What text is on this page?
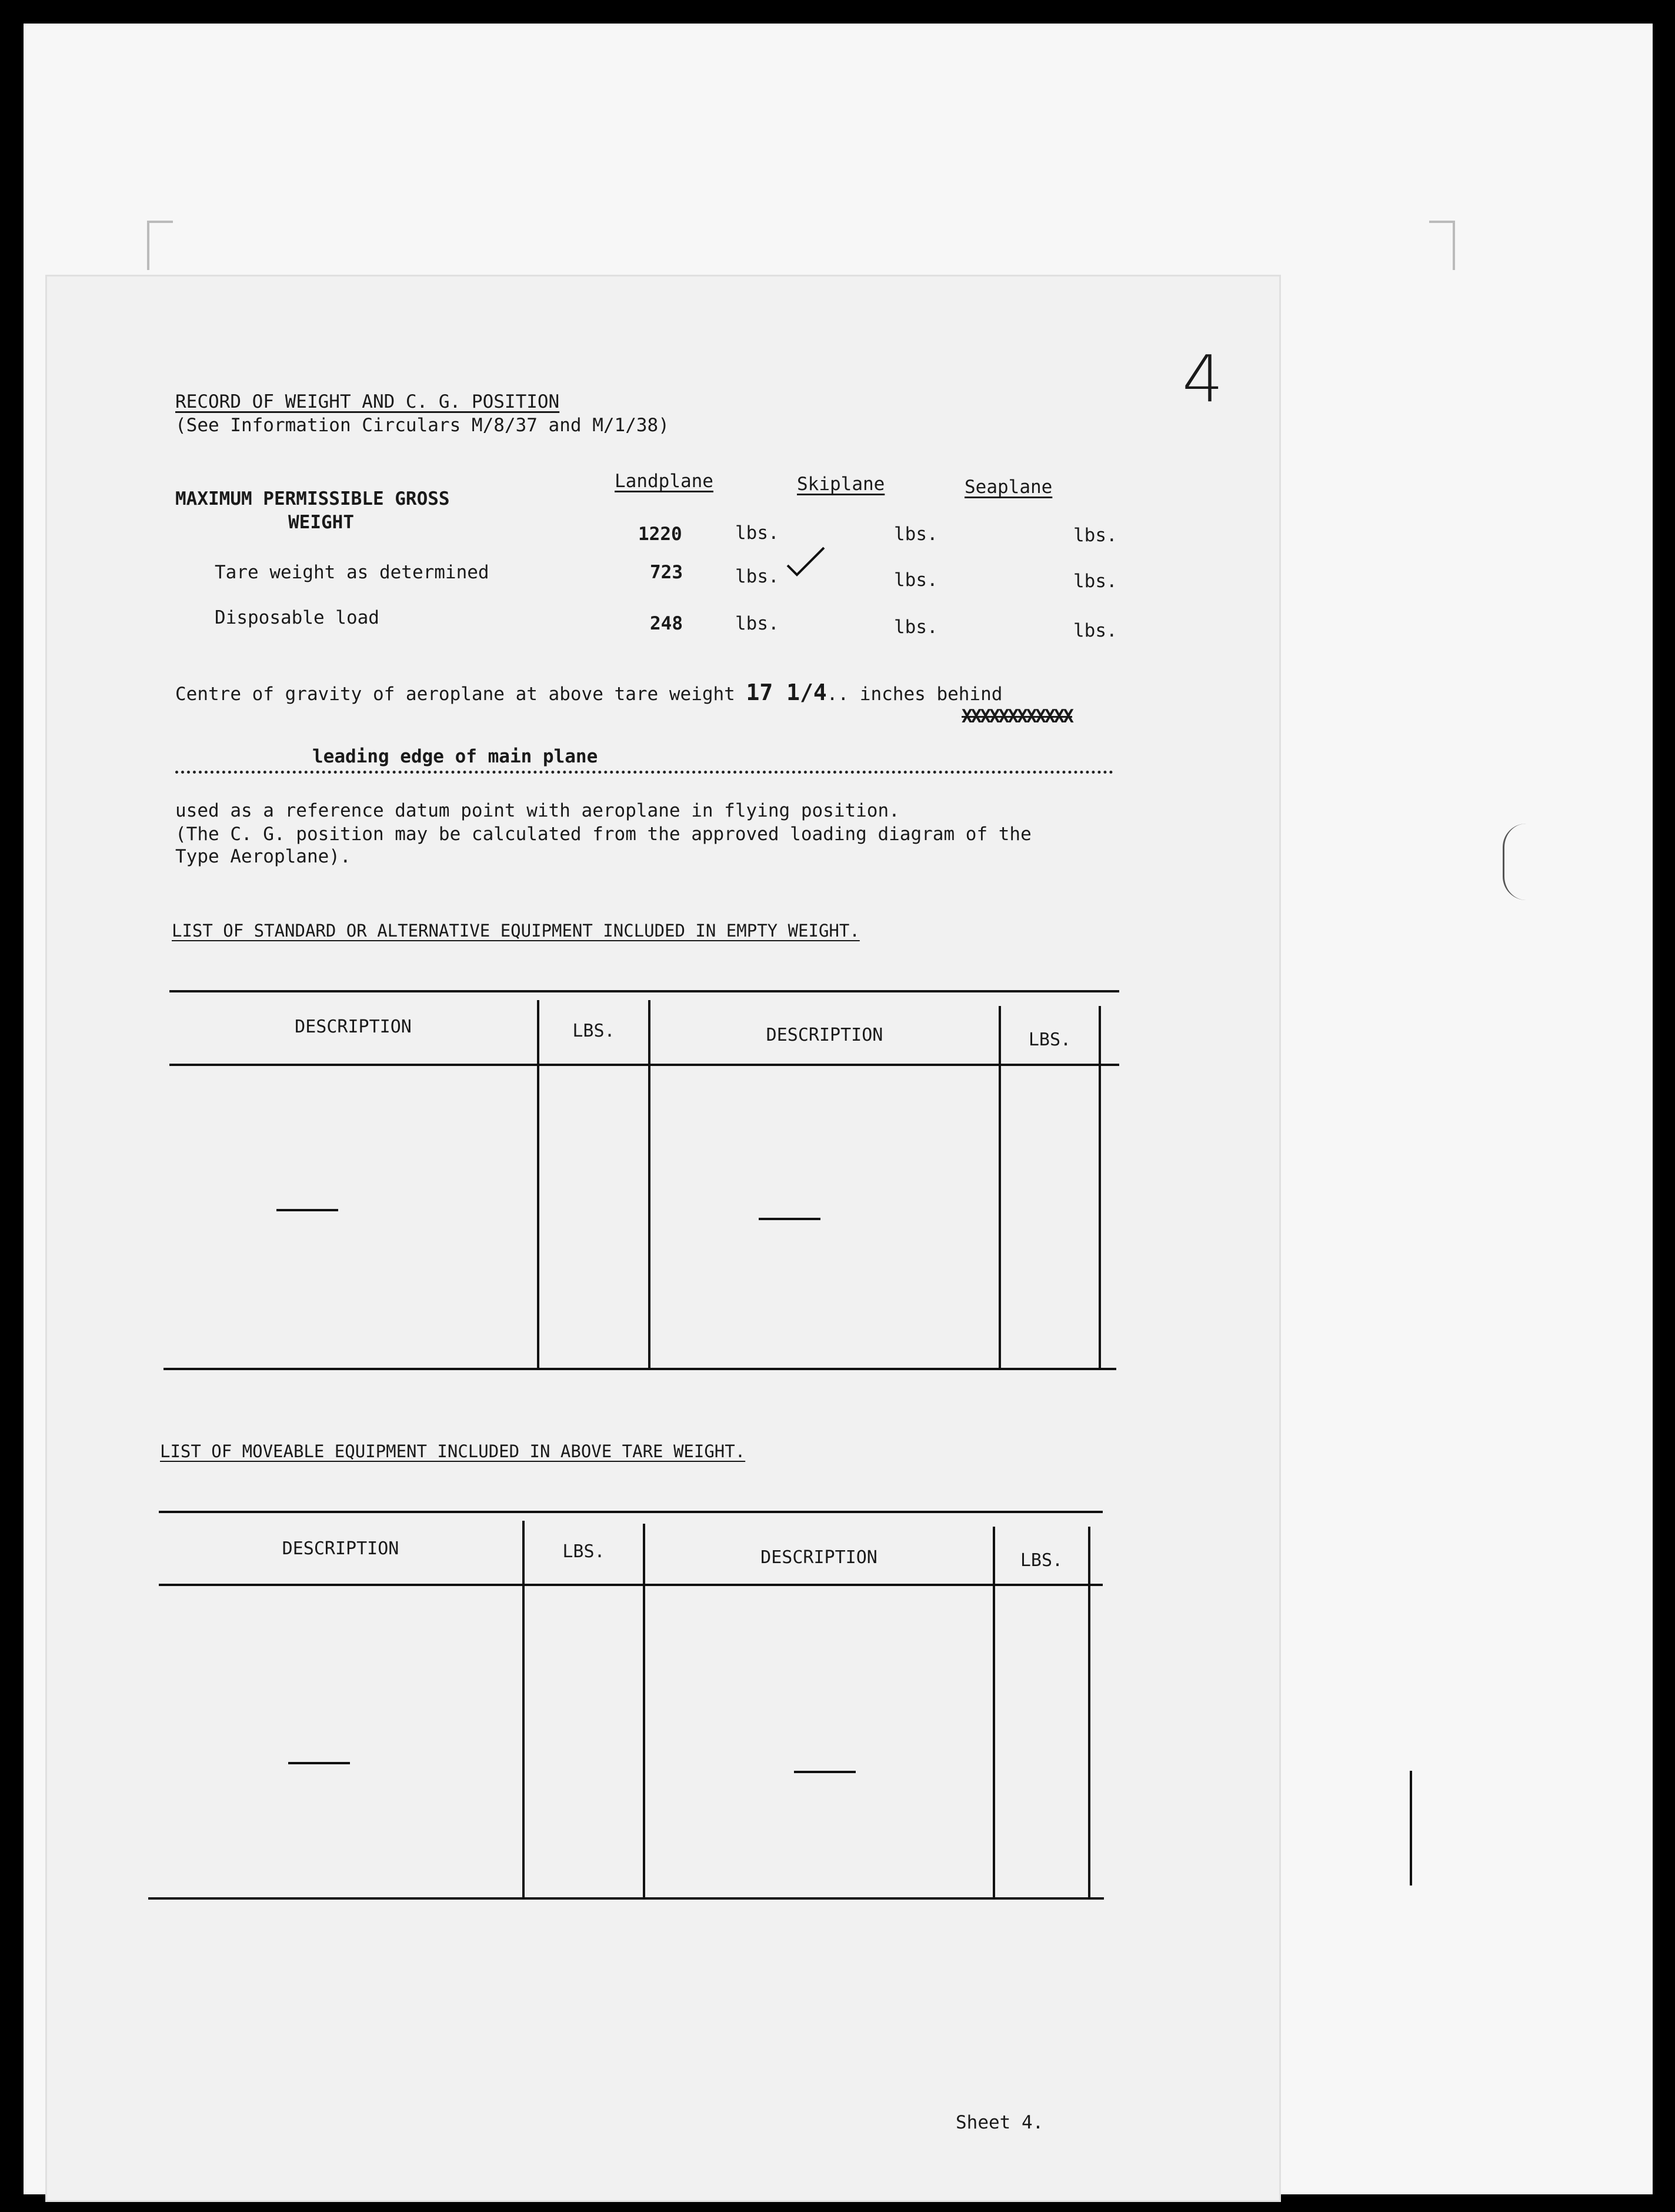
4
RECORD OF WEIGHT AND C. G. POSITION
(See Information Circulars M/8/37 and M/1/38)
Landplane	Skiplane	Seaplane
MAXIMUM PERMISSIBLE GROSS
WEIGHT
1220	lbs.	lbs.	lbs.
Tare weight as determined	723	lbs.	lbs.	lbs.
Disposable load	248	lbs.	lbs.	lbs.
Centre of gravity of aeroplane at above tare weight 17 1/4.. inches behind
XXXXXXXXXXXX
leading edge of main plane
used as a reference datum point with aeroplane in flying position.
(The C. G. position may be calculated from the approved loading diagram of the
Type Aeroplane).
LIST OF STANDARD OR ALTERNATIVE EQUIPMENT INCLUDED IN EMPTY WEIGHT.
DESCRIPTION	LBS.	DESCRIPTION	LBS.
LIST OF MOVEABLE EQUIPMENT INCLUDED IN ABOVE TARE WEIGHT.
DESCRIPTION	LBS.	DESCRIPTION	LBS.
Sheet 4.
